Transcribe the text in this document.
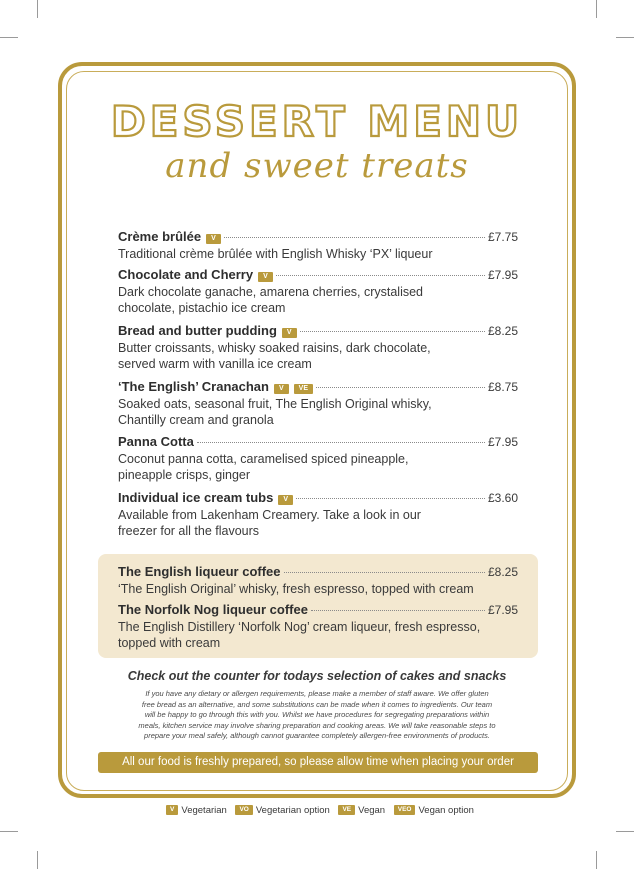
DESSERT MENU
and sweet treats
Crème brûlée	V	£7.75
Traditional crème brûlée with English Whisky ‘PX’ liqueur
Chocolate and Cherry	V	£7.95
Dark chocolate ganache, amarena cherries, crystalised
chocolate, pistachio ice cream
Bread and butter pudding	V	£8.25
Butter croissants, whisky soaked raisins, dark chocolate,
served warm with vanilla ice cream
‘The English’ Cranachan	V	VE	£8.75
Soaked oats, seasonal fruit, The English Original whisky,
Chantilly cream and granola
Panna Cotta	£7.95
Coconut panna cotta, caramelised spiced pineapple,
pineapple crisps, ginger
Individual ice cream tubs	V	£3.60
Available from Lakenham Creamery. Take a look in our
freezer for all the flavours
The English liqueur coffee	£8.25
‘The English Original’ whisky, fresh espresso, topped with cream
The Norfolk Nog liqueur coffee	£7.95
The English Distillery ‘Norfolk Nog’ cream liqueur, fresh espresso,
topped with cream
Check out the counter for todays selection of cakes and snacks
If you have any dietary or allergen requirements, please make a member of staff aware. We offer gluten
free bread as an alternative, and some substitutions can be made when it comes to ingredients. Our team
will be happy to go through this with you. Whilst we have procedures for segregating preparations within
meals, kitchen service may involve sharing preparation and cooking areas. We will take reasonable steps to
prepare your meal safely, although cannot guarantee completely allergen-free environments of products.
All our food is freshly prepared, so please allow time when placing your order
V Vegetarian VO Vegetarian option VE Vegan VEO Vegan option
